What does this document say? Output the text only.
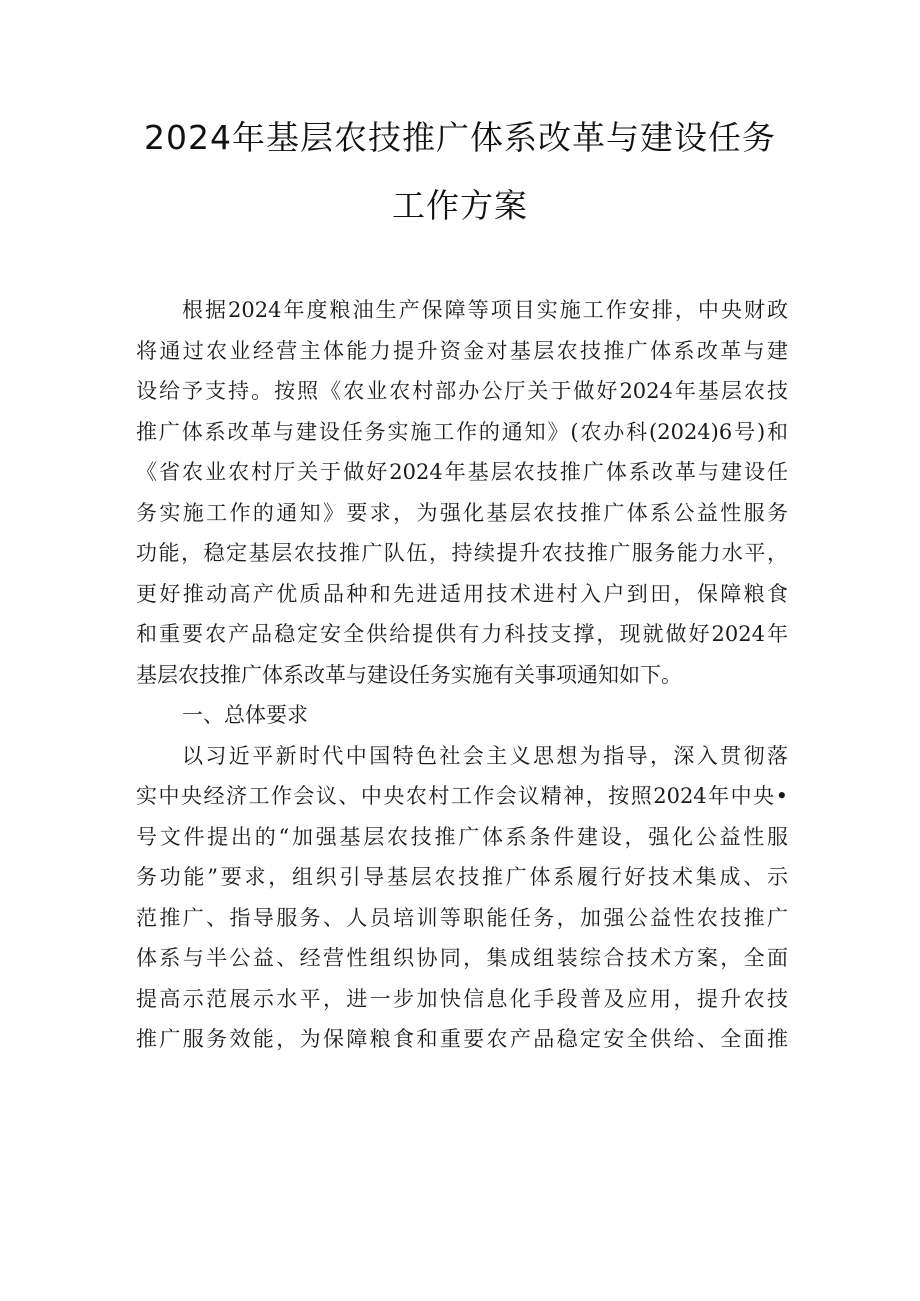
2024年基层农技推广体系改革与建设任务
工作方案
根据2024年度粮油生产保障等项目实施工作安排，中央财政
将通过农业经营主体能力提升资金对基层农技推广体系改革与建
设给予支持。按照《农业农村部办公厅关于做好2024年基层农技
推广体系改革与建设任务实施工作的通知》(农办科(2024)6号)和
《省农业农村厅关于做好2024年基层农技推广体系改革与建设任
务实施工作的通知》要求，为强化基层农技推广体系公益性服务
功能，稳定基层农技推广队伍，持续提升农技推广服务能力水平，
更好推动高产优质品种和先进适用技术进村入户到田，保障粮食
和重要农产品稳定安全供给提供有力科技支撑，现就做好2024年
基层农技推广体系改革与建设任务实施有关事项通知如下。
一、总体要求
以习近平新时代中国特色社会主义思想为指导，深入贯彻落
实中央经济工作会议、中央农村工作会议精神，按照2024年中央•
号文件提出的“加强基层农技推广体系条件建设，强化公益性服
务功能”要求，组织引导基层农技推广体系履行好技术集成、示
范推广、指导服务、人员培训等职能任务，加强公益性农技推广
体系与半公益、经营性组织协同，集成组装综合技术方案，全面
提高示范展示水平，进一步加快信息化手段普及应用，提升农技
推广服务效能，为保障粮食和重要农产品稳定安全供给、全面推
